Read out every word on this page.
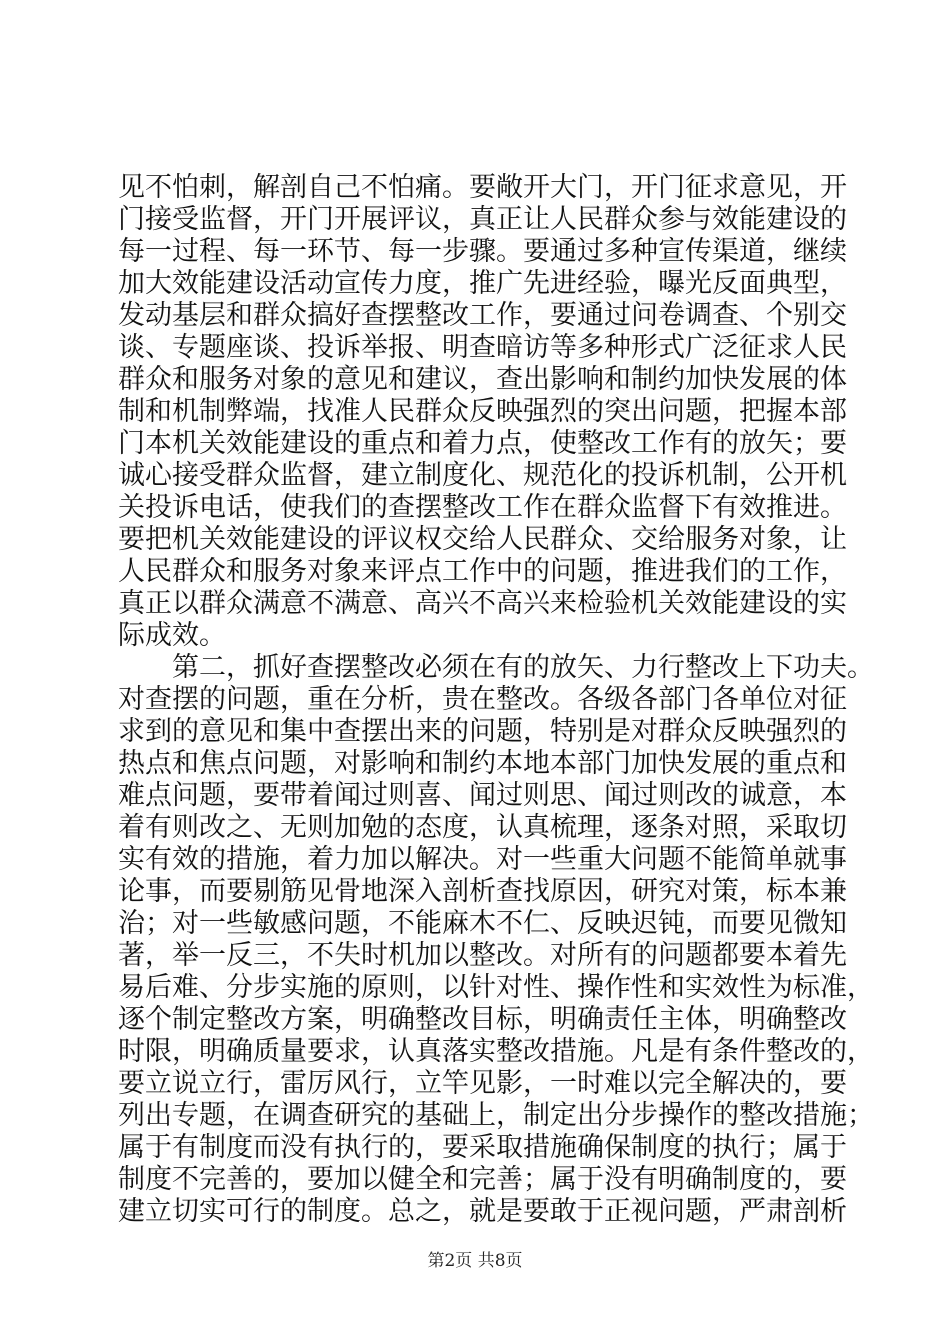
见不怕刺，解剖自己不怕痛。要敞开大门，开门征求意见，开
门接受监督，开门开展评议，真正让人民群众参与效能建设的
每一过程、每一环节、每一步骤。要通过多种宣传渠道，继续
加大效能建设活动宣传力度，推广先进经验，曝光反面典型，
发动基层和群众搞好查摆整改工作，要通过问卷调查、个别交
谈、专题座谈、投诉举报、明查暗访等多种形式广泛征求人民
群众和服务对象的意见和建议，查出影响和制约加快发展的体
制和机制弊端，找准人民群众反映强烈的突出问题，把握本部
门本机关效能建设的重点和着力点，使整改工作有的放矢；要
诚心接受群众监督，建立制度化、规范化的投诉机制，公开机
关投诉电话，使我们的查摆整改工作在群众监督下有效推进。
要把机关效能建设的评议权交给人民群众、交给服务对象，让
人民群众和服务对象来评点工作中的问题，推进我们的工作，
真正以群众满意不满意、高兴不高兴来检验机关效能建设的实
际成效。
　　第二，抓好查摆整改必须在有的放矢、力行整改上下功夫。
对查摆的问题，重在分析，贵在整改。各级各部门各单位对征
求到的意见和集中查摆出来的问题，特别是对群众反映强烈的
热点和焦点问题，对影响和制约本地本部门加快发展的重点和
难点问题，要带着闻过则喜、闻过则思、闻过则改的诚意，本
着有则改之、无则加勉的态度，认真梳理，逐条对照，采取切
实有效的措施，着力加以解决。对一些重大问题不能简单就事
论事，而要剔筋见骨地深入剖析查找原因，研究对策，标本兼
治；对一些敏感问题，不能麻木不仁、反映迟钝，而要见微知
著，举一反三，不失时机加以整改。对所有的问题都要本着先
易后难、分步实施的原则，以针对性、操作性和实效性为标准，
逐个制定整改方案，明确整改目标，明确责任主体，明确整改
时限，明确质量要求，认真落实整改措施。凡是有条件整改的，
要立说立行，雷厉风行，立竿见影，一时难以完全解决的，要
列出专题，在调查研究的基础上，制定出分步操作的整改措施；
属于有制度而没有执行的，要采取措施确保制度的执行；属于
制度不完善的，要加以健全和完善；属于没有明确制度的，要
建立切实可行的制度。总之，就是要敢于正视问题，严肃剖析
第2页 共8页
